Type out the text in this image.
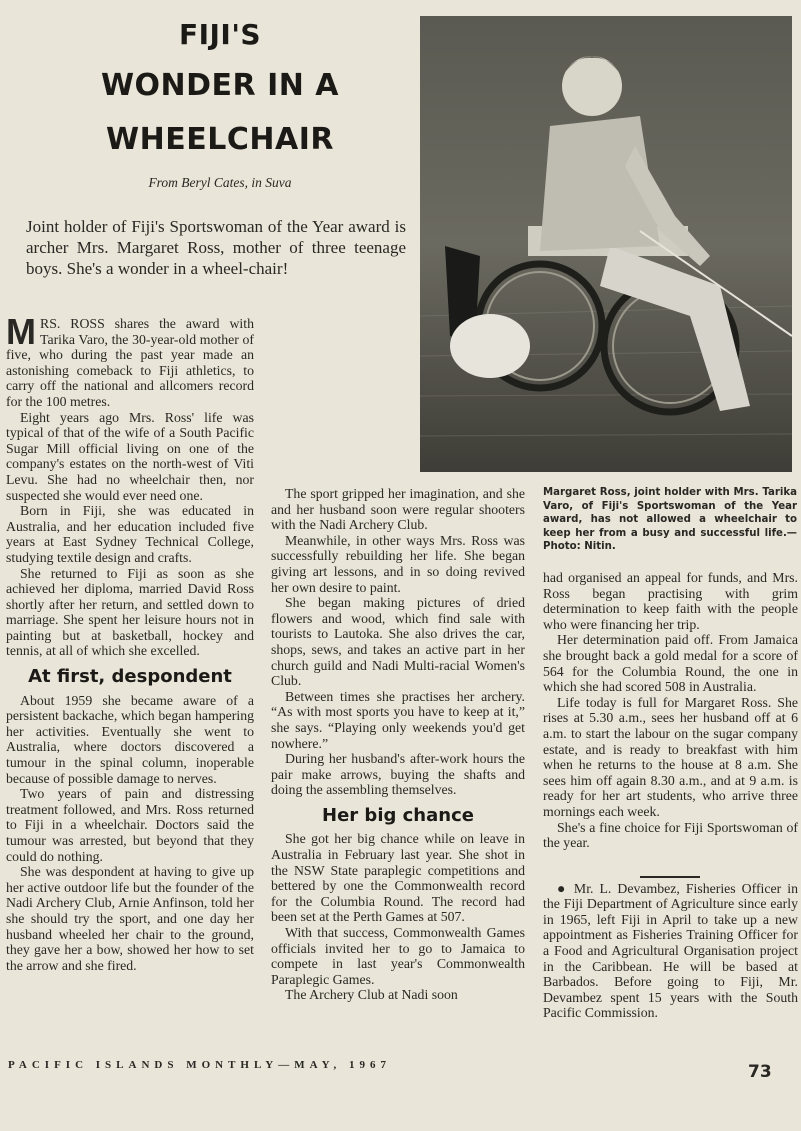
FIJI'S
WONDER IN A
WHEELCHAIR
From Beryl Cates, in Suva
Joint holder of Fiji's Sportswoman of the Year award is archer Mrs. Margaret Ross, mother of three teenage boys. She's a wonder in a wheel-chair!
Margaret Ross, joint holder with Mrs. Tarika Varo, of Fiji's Sportswoman of the Year award, has not allowed a wheelchair to keep her from a busy and successful life.—Photo: Nitin.

MRS. ROSS shares the award with Tarika Varo, the 30-year-old mother of five, who during the past year made an astonishing comeback to Fiji athletics, to carry off the national and allcomers record for the 100 metres.

Eight years ago Mrs. Ross' life was typical of that of the wife of a South Pacific Sugar Mill official living on one of the company's estates on the north-west of Viti Levu. She had no wheelchair then, nor suspected she would ever need one.

Born in Fiji, she was educated in Australia, and her education included five years at East Sydney Technical College, studying textile design and crafts.

She returned to Fiji as soon as she achieved her diploma, married David Ross shortly after her return, and settled down to marriage. She spent her leisure hours not in painting but at basketball, hockey and tennis, at all of which she excelled.

At first, despondent

About 1959 she became aware of a persistent backache, which began hampering her activities. Eventually she went to Australia, where doctors discovered a tumour in the spinal column, inoperable because of possible damage to nerves.

Two years of pain and distressing treatment followed, and Mrs. Ross returned to Fiji in a wheelchair. Doctors said the tumour was arrested, but beyond that they could do nothing.

She was despondent at having to give up her active outdoor life but the founder of the Nadi Archery Club, Arnie Anfinson, told her she should try the sport, and one day her husband wheeled her chair to the ground, they gave her a bow, showed her how to set the arrow and she fired.

The sport gripped her imagination, and she and her husband soon were regular shooters with the Nadi Archery Club.

Meanwhile, in other ways Mrs. Ross was successfully rebuilding her life. She began giving art lessons, and in so doing revived her own desire to paint.

She began making pictures of dried flowers and wood, which find sale with tourists to Lautoka. She also drives the car, shops, sews, and takes an active part in her church guild and Nadi Multi-racial Women's Club.

Between times she practises her archery. “As with most sports you have to keep at it,” she says. “Playing only weekends you'd get nowhere.”

During her husband's after-work hours the pair make arrows, buying the shafts and doing the assembling themselves.

Her big chance

She got her big chance while on leave in Australia in February last year. She shot in the NSW State paraplegic competitions and bettered by one the Commonwealth record for the Columbia Round. The record had been set at the Perth Games at 507.

With that success, Commonwealth Games officials invited her to go to Jamaica to compete in last year's Commonwealth Paraplegic Games.

The Archery Club at Nadi soon

had organised an appeal for funds, and Mrs. Ross began practising with grim determination to keep faith with the people who were financing her trip.

Her determination paid off. From Jamaica she brought back a gold medal for a score of 564 for the Columbia Round, the one in which she had scored 508 in Australia.

Life today is full for Margaret Ross. She rises at 5.30 a.m., sees her husband off at 6 a.m. to start the labour on the sugar company estate, and is ready to breakfast with him when he returns to the house at 8 a.m. She sees him off again 8.30 a.m., and at 9 a.m. is ready for her art students, who arrive three mornings each week.

She's a fine choice for Fiji Sportswoman of the year.

● Mr. L. Devambez, Fisheries Officer in the Fiji Department of Agriculture since early in 1965, left Fiji in April to take up a new appointment as Fisheries Training Officer for a Food and Agricultural Organisation project in the Caribbean. He will be based at Barbados. Before going to Fiji, Mr. Devambez spent 15 years with the South Pacific Commission.

PACIFIC ISLANDS MONTHLY—MAY, 1967	73
